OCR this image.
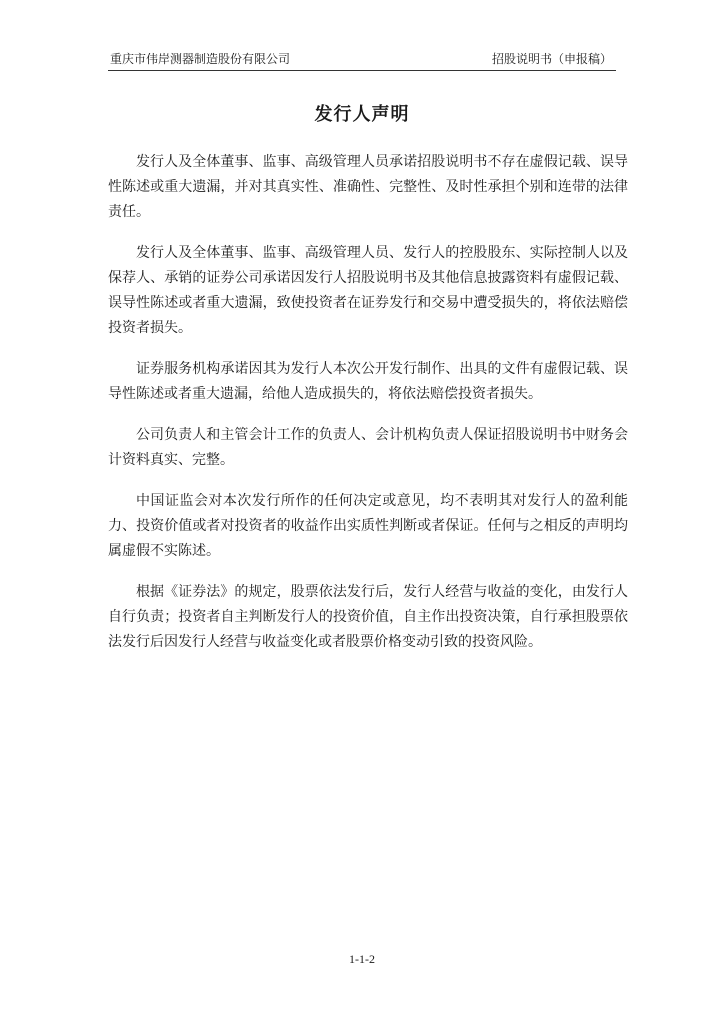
重庆市伟岸测器制造股份有限公司	招股说明书（申报稿）
发行人声明

发行人及全体董事、监事、高级管理人员承诺招股说明书不存在虚假记载、误导性陈述或重大遗漏，并对其真实性、准确性、完整性、及时性承担个别和连带的法律责任。

发行人及全体董事、监事、高级管理人员、发行人的控股股东、实际控制人以及保荐人、承销的证券公司承诺因发行人招股说明书及其他信息披露资料有虚假记载、误导性陈述或者重大遗漏，致使投资者在证券发行和交易中遭受损失的，将依法赔偿投资者损失。

证券服务机构承诺因其为发行人本次公开发行制作、出具的文件有虚假记载、误导性陈述或者重大遗漏，给他人造成损失的，将依法赔偿投资者损失。

公司负责人和主管会计工作的负责人、会计机构负责人保证招股说明书中财务会计资料真实、完整。

中国证监会对本次发行所作的任何决定或意见，均不表明其对发行人的盈利能力、投资价值或者对投资者的收益作出实质性判断或者保证。任何与之相反的声明均属虚假不实陈述。

根据《证券法》的规定，股票依法发行后，发行人经营与收益的变化，由发行人自行负责；投资者自主判断发行人的投资价值，自主作出投资决策，自行承担股票依法发行后因发行人经营与收益变化或者股票价格变动引致的投资风险。

1-1-2
